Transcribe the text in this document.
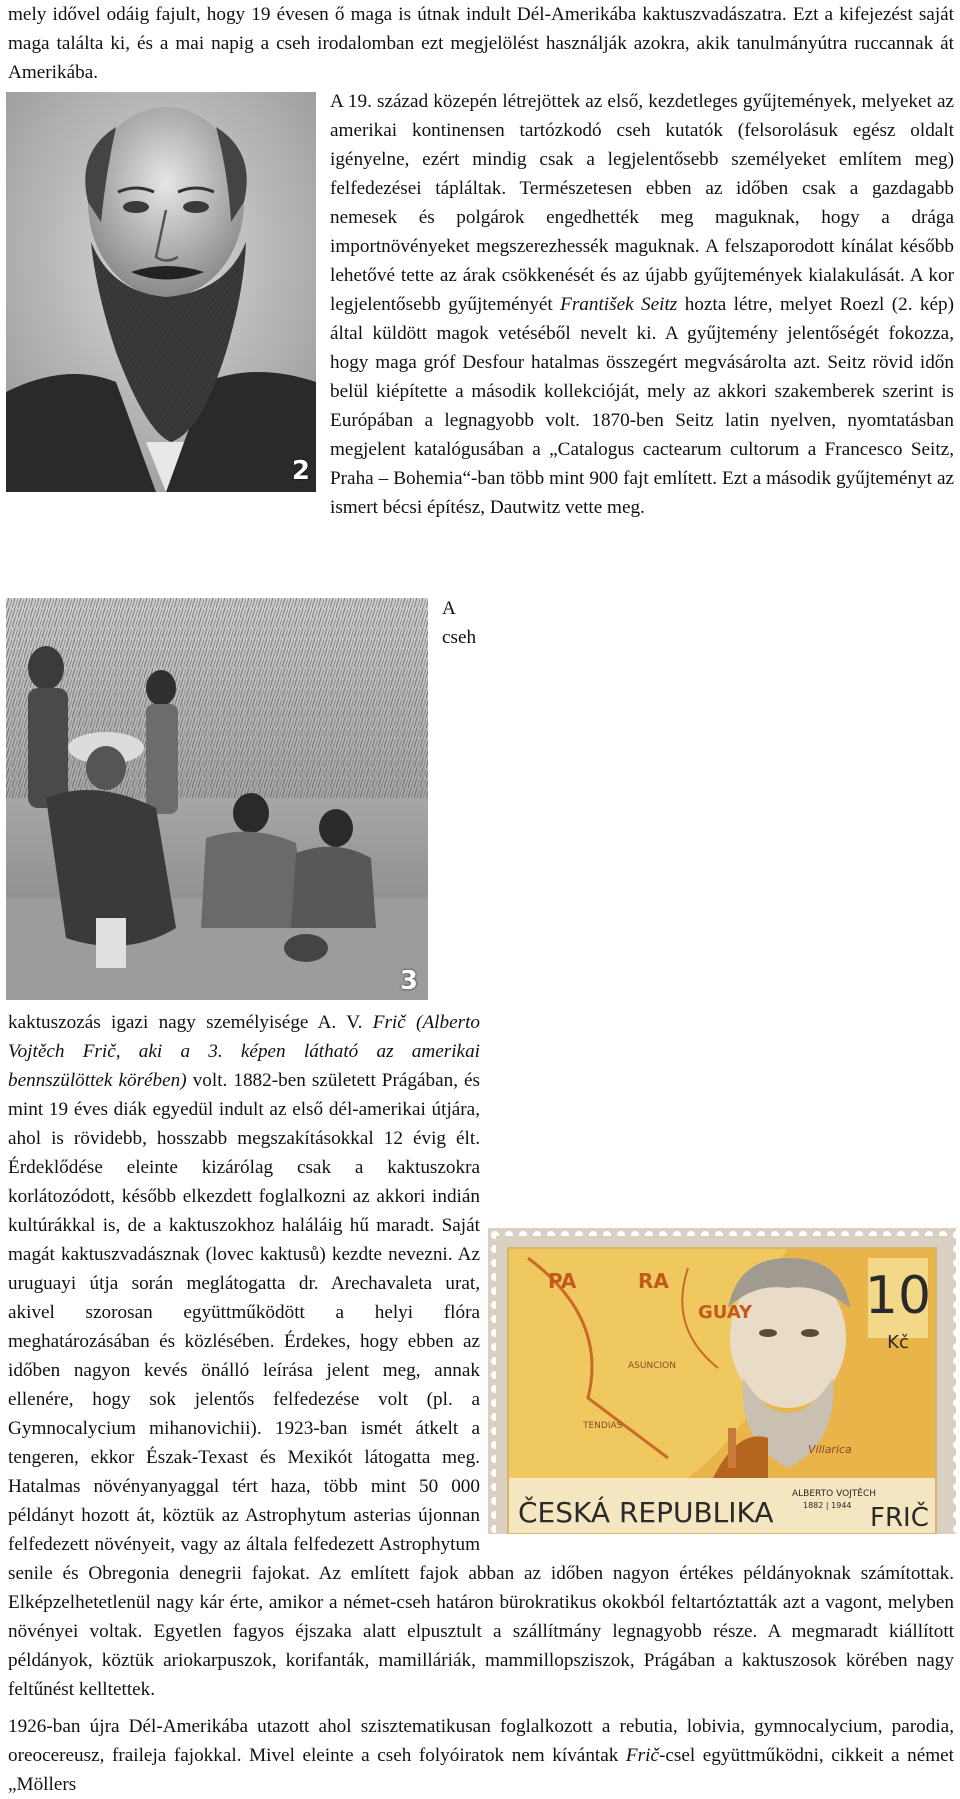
mely idővel odáig fajult, hogy 19 évesen ő maga is útnak indult Dél-Amerikába kaktuszvadászatra. Ezt a kifejezést saját maga találta ki, és a mai napig a cseh irodalomban ezt megjelölést használják azokra, akik tanulmányútra ruccannak át Amerikába.

2

A 19. század közepén létrejöttek az első, kezdetleges gyűjtemények, melyeket az amerikai kontinensen tartózkodó cseh kutatók (felsorolásuk egész oldalt igényelne, ezért mindig csak a legjelentősebb személyeket említem meg) felfedezései tápláltak. Természetesen ebben az időben csak a gazdagabb nemesek és polgárok engedhették meg maguknak, hogy a drága importnövényeket megszerezhessék maguknak. A felszaporodott kínálat később lehetővé tette az árak csökkenését és az újabb gyűjtemények kialakulását. A kor legjelentősebb gyűjteményét František Seitz hozta létre, melyet Roezl (2. kép) által küldött magok vetéséből nevelt ki. A gyűjtemény jelentőségét fokozza, hogy maga gróf Desfour hatalmas összegért megvásárolta azt. Seitz rövid időn belül kiépítette a második kollekcióját, mely az akkori szakemberek szerint is Európában a legnagyobb volt. 1870-ben Seitz latin nyelven, nyomtatásban megjelent katalógusában a „Catalogus cactearum cultorum a Francesco Seitz, Praha – Bohemia“-ban több mint 900 fajt említett. Ezt a második gyűjteményt az ismert bécsi építész, Dautwitz vette meg.

3

A cseh kaktuszozás igazi nagy személyisége A. V. Frič (Alberto Vojtěch Frič, aki a 3. képen látható az amerikai bennszülöttek körében) volt. 1882-ben született Prágában, és mint 19 éves diák egyedül indult az első dél-amerikai útjára, ahol is rövidebb, hosszabb megszakításokkal 12 évig élt. Érdeklődése eleinte kizárólag csak a kaktuszokra korlátozódott, később elkezdett foglalkozni az akkori indián kultúrákkal is, de a kaktuszokhoz haláláig hű maradt. Saját magát kaktuszvadásznak (lovec kaktusů) kezdte nevezni. Az uruguayi útja során meglátogatta dr. Arechavaleta urat, akivel szorosan együttműködött a helyi flóra meghatározásában és közlésében. Érdekes, hogy ebben az időben nagyon kevés önálló leírása jelent meg, annak ellenére, hogy sok jelentős felfedezése volt (pl. a Gymnocalycium mihanovichii). 1923-ban ismét átkelt a tengeren, ekkor Észak-Texast és Mexikót látogatta meg. Hatalmas növényanyaggal tért haza, több mint 50 000 példányt hozott át, köztük az Astrophytum asterias újonnan felfedezett növényeit, vagy az általa felfedezett Astrophytum senile és Obregonia denegrii fajokat. Az említett fajok abban az időben nagyon értékes példányoknak számítottak. Elképzelhetetlenül nagy kár érte, amikor a német-cseh határon bürokratikus okokból feltartóztatták azt a vagont, melyben növényei voltak. Egyetlen fagyos éjszaka alatt elpusztult a szállítmány legnagyobb része. A megmaradt kiállított példányok, köztük ariokarpuszok, korifanták, mamilláriák, mammillopsziszok, Prágában a kaktuszosok körében nagy feltűnést kelltettek.

1926-ban újra Dél-Amerikába utazott ahol szisztematikusan foglalkozott a rebutia, lobivia, gymnocalycium, parodia, oreocereusz, fraileja fajokkal. Mivel eleinte a cseh folyóiratok nem kívántak Frič-csel együttműködni, cikkeit a német „Möllers

PA	RA
GUAY
Villarica
ASUNCION
TENDIAS
10
Kč
ČESKÁ REPUBLIKA
ALBERTO VOJTĚCH
1882 | 1944 FRIČ
